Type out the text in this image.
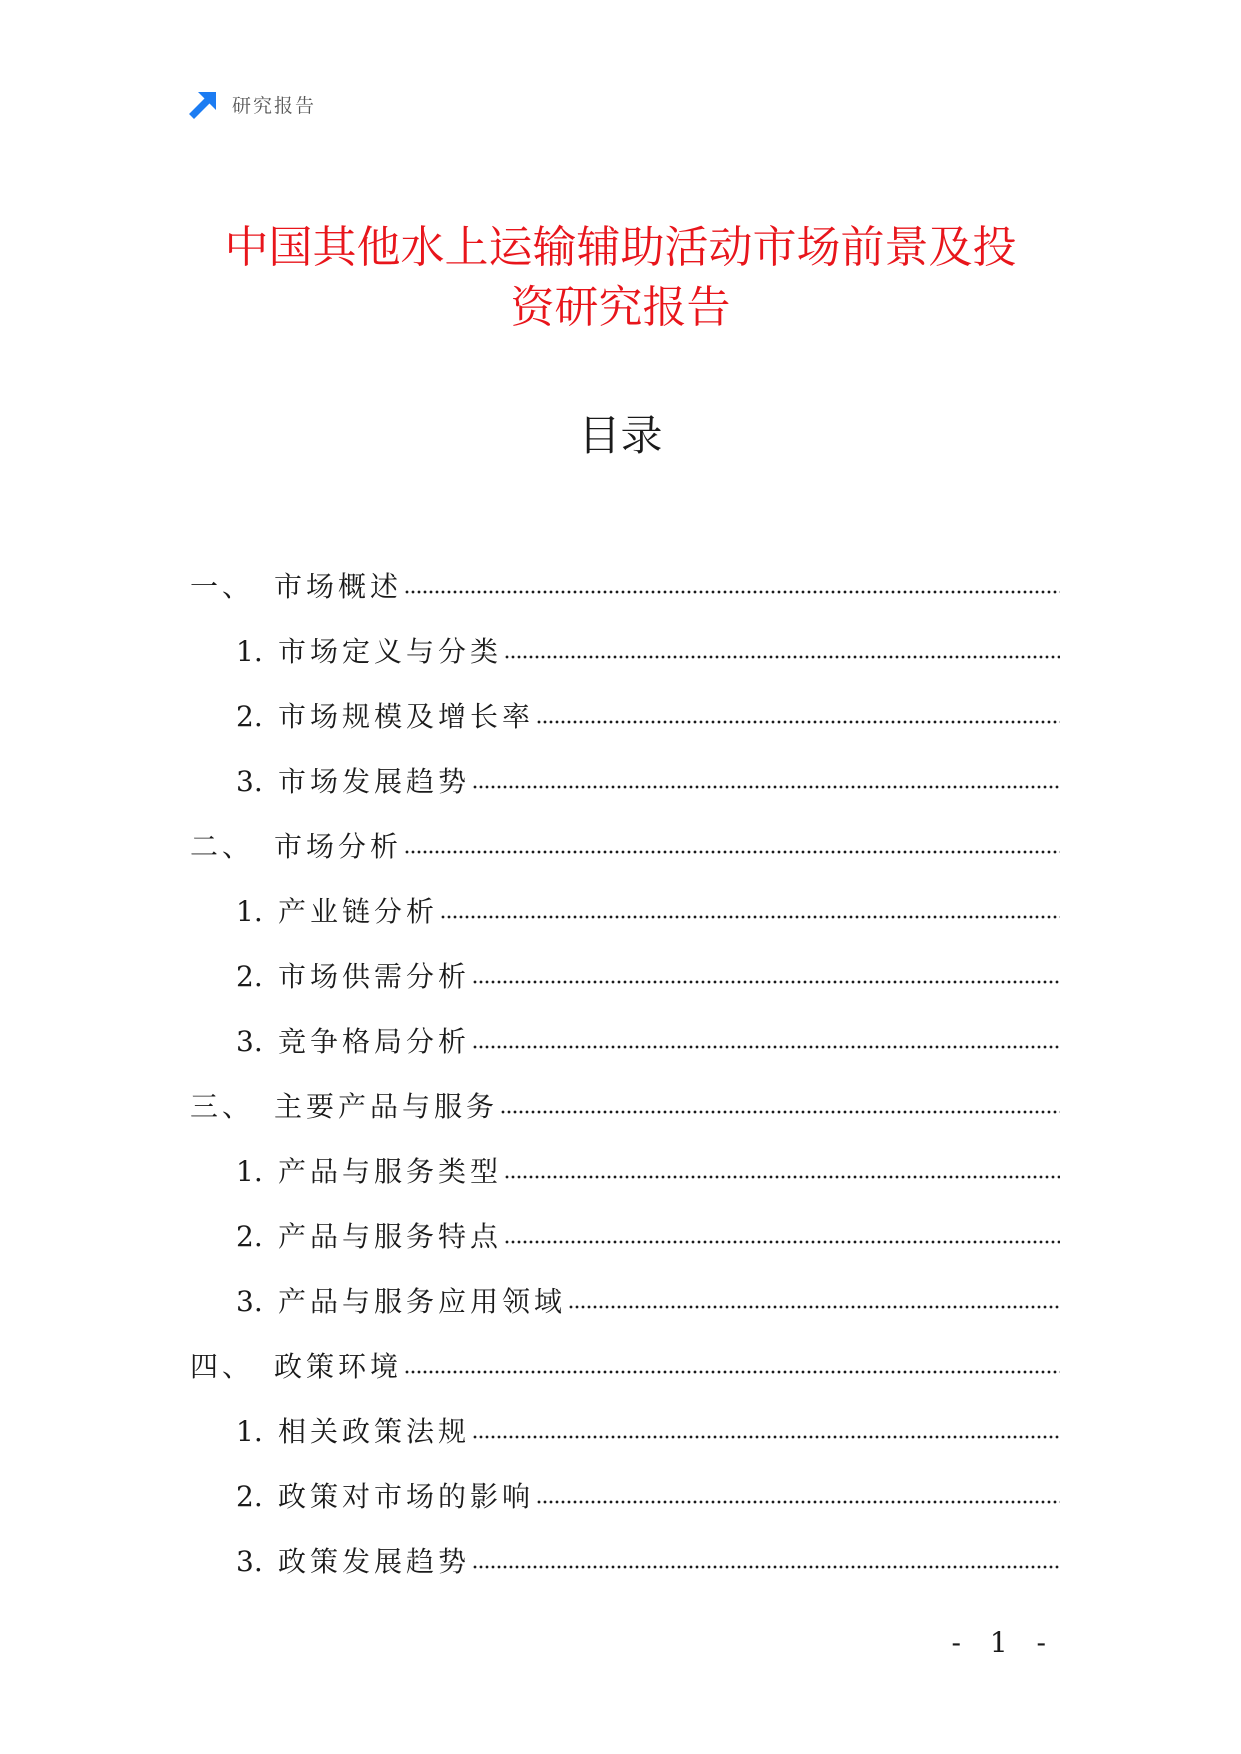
研究报告
中国其他水上运输辅助活动市场前景及投
资研究报告
目录
一、 市场概述
1. 市场定义与分类
2. 市场规模及增长率
3. 市场发展趋势
二、 市场分析
1. 产业链分析
2. 市场供需分析
3. 竞争格局分析
三、 主要产品与服务
1. 产品与服务类型
2. 产品与服务特点
3. 产品与服务应用领域
四、 政策环境
1. 相关政策法规
2. 政策对市场的影响
3. 政策发展趋势
- 1 -
